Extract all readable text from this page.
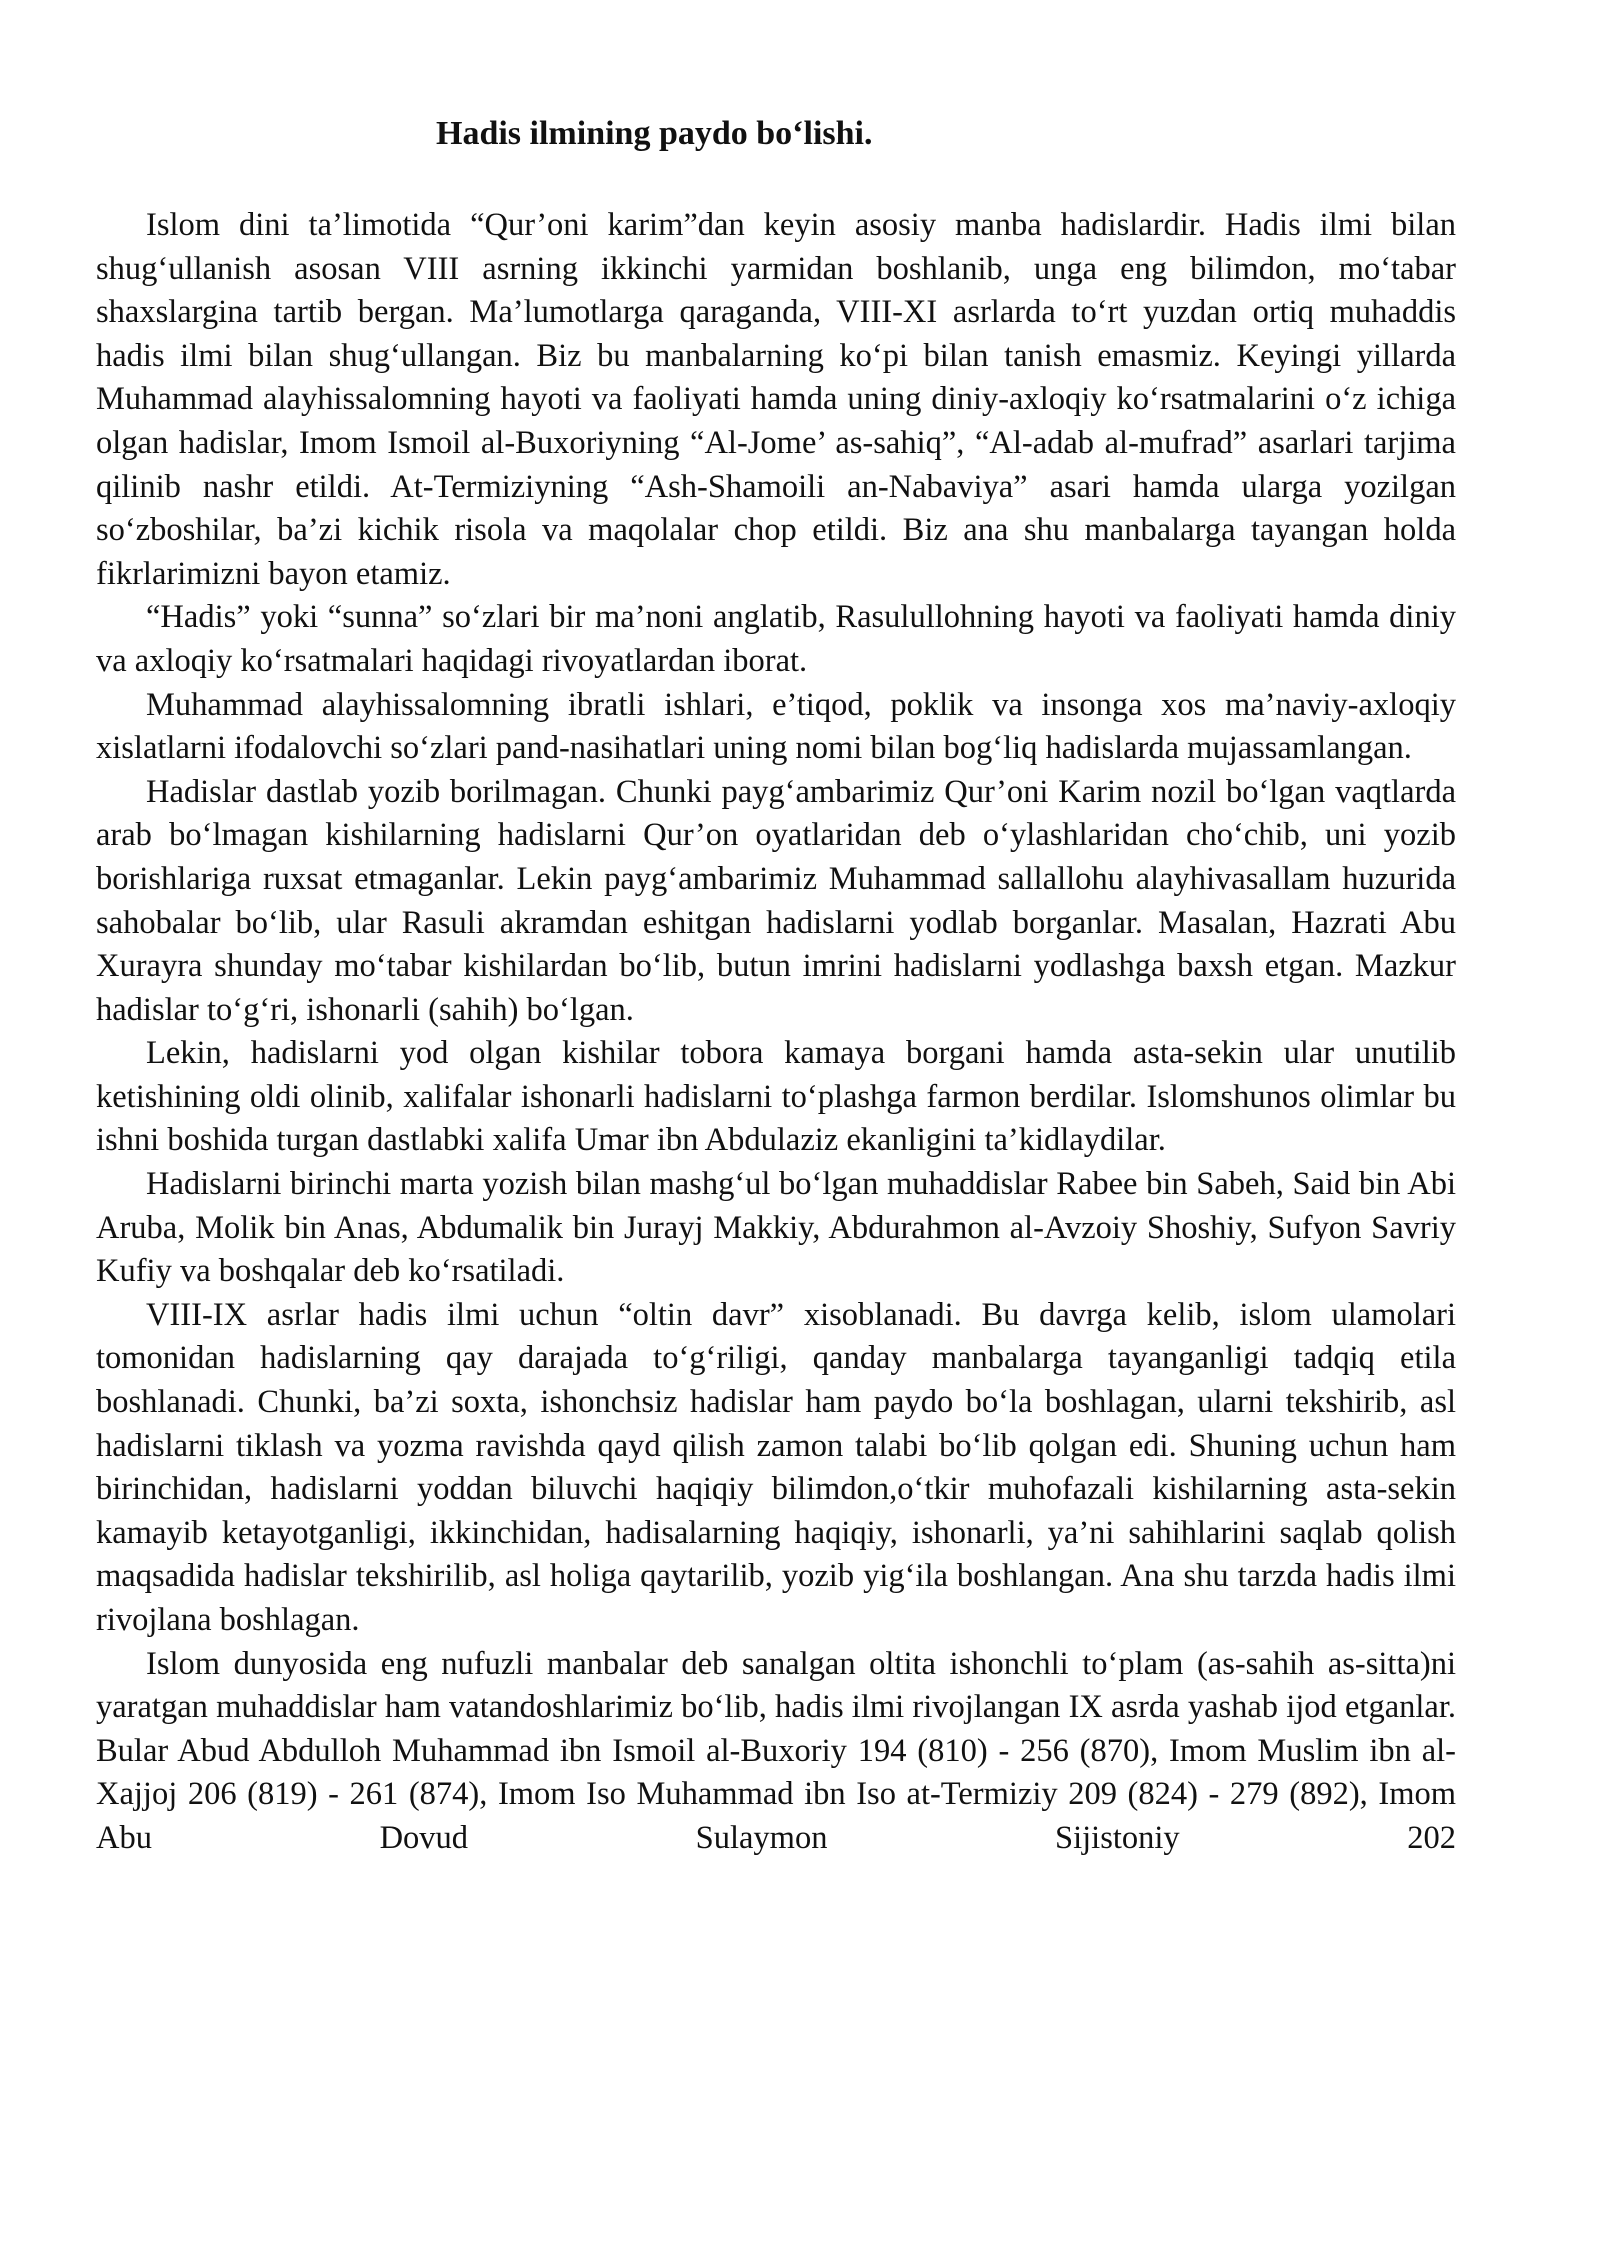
Hadis ilmining paydo bo‘lishi.

Islom dini ta’limotida “Qur’oni karim”dan keyin asosiy manba hadislardir. Hadis ilmi bilan shug‘ullanish asosan VIII asrning ikkinchi yarmidan boshlanib, unga eng bilimdon, mo‘tabar shaxslargina tartib bergan. Ma’lumotlarga qaraganda, VIII-XI asrlarda to‘rt yuzdan ortiq muhaddis hadis ilmi bilan shug‘ullangan. Biz bu manbalarning ko‘pi bilan tanish emasmiz. Keyingi yillarda Muhammad alayhissalomning hayoti va faoliyati hamda uning diniy-axloqiy ko‘rsatmalarini o‘z ichiga olgan hadislar, Imom Ismoil al-Buxoriyning “Al-Jome’ as-sahiq”, “Al-adab al-mufrad” asarlari tarjima qilinib nashr etildi. At-Termiziyning “Ash-Shamoili an-Nabaviya” asari hamda ularga yozilgan so‘zboshilar, ba’zi kichik risola va maqolalar chop etildi. Biz ana shu manbalarga tayangan holda fikrlarimizni bayon etamiz.

“Hadis” yoki “sunna” so‘zlari bir ma’noni anglatib, Rasulullohning hayoti va faoliyati hamda diniy va axloqiy ko‘rsatmalari haqidagi rivoyatlardan iborat.

Muhammad alayhissalomning ibratli ishlari, e’tiqod, poklik va insonga xos ma’naviy-axloqiy xislatlarni ifodalovchi so‘zlari pand-nasihatlari uning nomi bilan bog‘liq hadislarda mujassamlangan.

Hadislar dastlab yozib borilmagan. Chunki payg‘ambarimiz Qur’oni Karim nozil bo‘lgan vaqtlarda arab bo‘lmagan kishilarning hadislarni Qur’on oyatlaridan deb o‘ylashlaridan cho‘chib, uni yozib borishlariga ruxsat etmaganlar. Lekin payg‘ambarimiz Muhammad sallallohu alayhivasallam huzurida sahobalar bo‘lib, ular Rasuli akramdan eshitgan hadislarni yodlab borganlar. Masalan, Hazrati Abu Xurayra shunday mo‘tabar kishilardan bo‘lib, butun imrini hadislarni yodlashga baxsh etgan. Mazkur hadislar to‘g‘ri, ishonarli (sahih) bo‘lgan.

Lekin, hadislarni yod olgan kishilar tobora kamaya borgani hamda asta-sekin ular unutilib ketishining oldi olinib, xalifalar ishonarli hadislarni to‘plashga farmon berdilar. Islomshunos olimlar bu ishni boshida turgan dastlabki xalifa Umar ibn Abdulaziz ekanligini ta’kidlaydilar.

Hadislarni birinchi marta yozish bilan mashg‘ul bo‘lgan muhaddislar Rabee bin Sabeh, Said bin Abi Aruba, Molik bin Anas, Abdumalik bin Jurayj Makkiy, Abdurahmon al-Avzoiy Shoshiy, Sufyon Savriy Kufiy va boshqalar deb ko‘rsatiladi.

VIII-IX asrlar hadis ilmi uchun “oltin davr” xisoblanadi. Bu davrga kelib, islom ulamolari tomonidan hadislarning qay darajada to‘g‘riligi, qanday manbalarga tayanganligi tadqiq etila boshlanadi. Chunki, ba’zi soxta, ishonchsiz hadislar ham paydo bo‘la boshlagan, ularni tekshirib, asl hadislarni tiklash va yozma ravishda qayd qilish zamon talabi bo‘lib qolgan edi. Shuning uchun ham birinchidan, hadislarni yoddan biluvchi haqiqiy bilimdon,o‘tkir muhofazali kishilarning asta-sekin kamayib ketayotganligi, ikkinchidan, hadisalarning haqiqiy, ishonarli, ya’ni sahihlarini saqlab qolish maqsadida hadislar tekshirilib, asl holiga qaytarilib, yozib yig‘ila boshlangan. Ana shu tarzda hadis ilmi rivojlana boshlagan.

Islom dunyosida eng nufuzli manbalar deb sanalgan oltita ishonchli to‘plam (as-sahih as-sitta)ni yaratgan muhaddislar ham vatandoshlarimiz bo‘lib, hadis ilmi rivojlangan IX asrda yashab ijod etganlar. Bular Abud Abdulloh Muhammad ibn Ismoil al-Buxoriy 194 (810) - 256 (870), Imom Muslim ibn al-Xajjoj 206 (819) - 261 (874), Imom Iso Muhammad ibn Iso at-Termiziy 209 (824) - 279 (892), Imom Abu Dovud Sulaymon Sijistoniy 202
